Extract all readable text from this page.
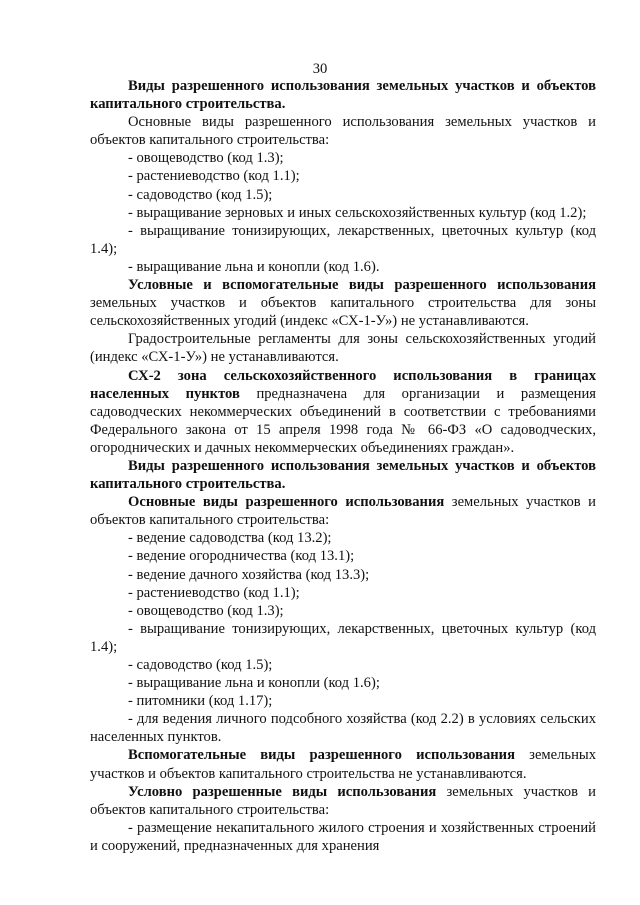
30

Виды разрешенного использования земельных участков и объектов капитального строительства.

Основные виды разрешенного использования земельных участков и объектов капитального строительства:

- овощеводство (код 1.3);

- растениеводство (код 1.1);

- садоводство (код 1.5);

- выращивание зерновых и иных сельскохозяйственных культур (код 1.2);

- выращивание тонизирующих, лекарственных, цветочных культур (код 1.4);

- выращивание льна и конопли (код 1.6).

Условные и вспомогательные виды разрешенного использования земельных участков и объектов капитального строительства для зоны сельскохозяйственных угодий (индекс «СХ-1-У») не устанавливаются.

Градостроительные регламенты для зоны сельскохозяйственных угодий (индекс «СХ-1-У») не устанавливаются.

СХ-2 зона сельскохозяйственного использования в границах населенных пунктов предназначена для организации и размещения садоводческих некоммерческих объединений в соответствии с требованиями Федерального закона от 15 апреля 1998 года № 66-ФЗ «О садоводческих, огороднических и дачных некоммерческих объединениях граждан».

Виды разрешенного использования земельных участков и объектов капитального строительства.

Основные виды разрешенного использования земельных участков и объектов капитального строительства:

- ведение садоводства (код 13.2);

- ведение огородничества (код 13.1);

- ведение дачного хозяйства (код 13.3);

- растениеводство (код 1.1);

- овощеводство (код 1.3);

- выращивание тонизирующих, лекарственных, цветочных культур (код 1.4);

- садоводство (код 1.5);

- выращивание льна и конопли (код 1.6);

- питомники (код 1.17);

- для ведения личного подсобного хозяйства (код 2.2) в условиях сельских населенных пунктов.

Вспомогательные виды разрешенного использования земельных участков и объектов капитального строительства не устанавливаются.

Условно разрешенные виды использования земельных участков и объектов капитального строительства:

- размещение некапитального жилого строения и хозяйственных строений и сооружений, предназначенных для хранения
